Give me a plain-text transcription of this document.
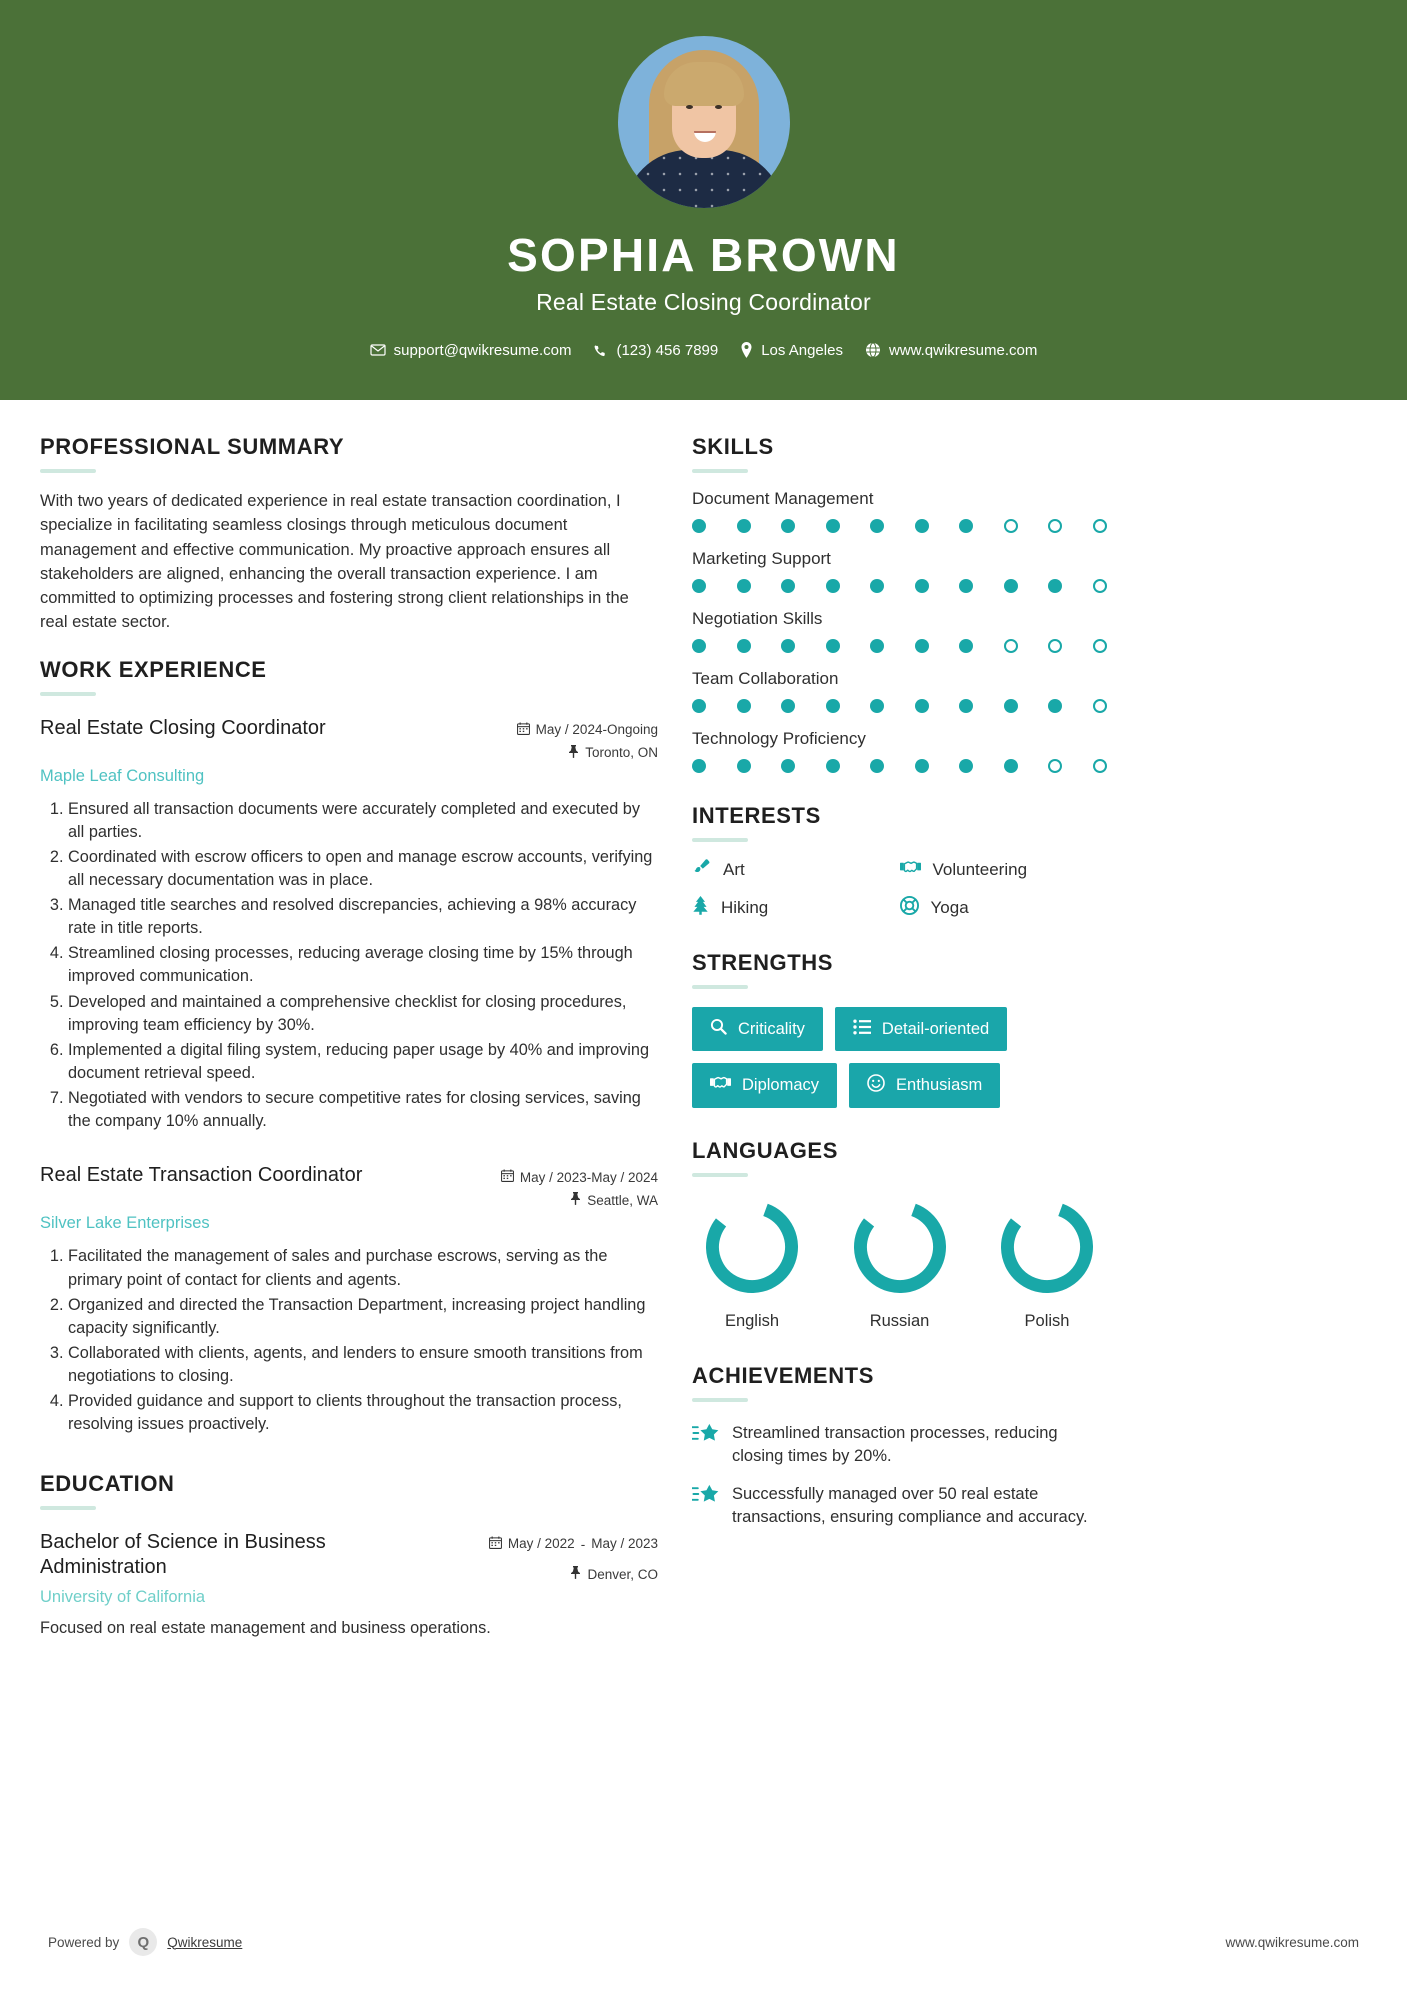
SOPHIA BROWN
Real Estate Closing Coordinator
support@qwikresume.com	(123) 456 7899	Los Angeles	www.qwikresume.com
PROFESSIONAL SUMMARY
With two years of dedicated experience in real estate transaction coordination, I specialize in facilitating seamless closings through meticulous document management and effective communication. My proactive approach ensures all stakeholders are aligned, enhancing the overall transaction experience. I am committed to optimizing processes and fostering strong client relationships in the real estate sector.
WORK EXPERIENCE
Real Estate Closing Coordinator	May / 2024-Ongoing
Toronto, ON
Maple Leaf Consulting
1. Ensured all transaction documents were accurately completed and executed by all parties.
2. Coordinated with escrow officers to open and manage escrow accounts, verifying all necessary documentation was in place.
3. Managed title searches and resolved discrepancies, achieving a 98% accuracy rate in title reports.
4. Streamlined closing processes, reducing average closing time by 15% through improved communication.
5. Developed and maintained a comprehensive checklist for closing procedures, improving team efficiency by 30%.
6. Implemented a digital filing system, reducing paper usage by 40% and improving document retrieval speed.
7. Negotiated with vendors to secure competitive rates for closing services, saving the company 10% annually.
Real Estate Transaction Coordinator	May / 2023-May / 2024
Seattle, WA
Silver Lake Enterprises
1. Facilitated the management of sales and purchase escrows, serving as the primary point of contact for clients and agents.
2. Organized and directed the Transaction Department, increasing project handling capacity significantly.
3. Collaborated with clients, agents, and lenders to ensure smooth transitions from negotiations to closing.
4. Provided guidance and support to clients throughout the transaction process, resolving issues proactively.
EDUCATION
Bachelor of Science in Business Administration
May / 2022 - May / 2023
Denver, CO
University of California
Focused on real estate management and business operations.
SKILLS
Document Management
Marketing Support
Negotiation Skills
Team Collaboration
Technology Proficiency
INTERESTS
Art	Volunteering
Hiking	Yoga
STRENGTHS
Criticality	Detail-oriented
Diplomacy	Enthusiasm
LANGUAGES
English	Russian	Polish
ACHIEVEMENTS
Streamlined transaction processes, reducing closing times by 20%.
Successfully managed over 50 real estate transactions, ensuring compliance and accuracy.
Powered by	Q	Qwikresume	www.qwikresume.com
